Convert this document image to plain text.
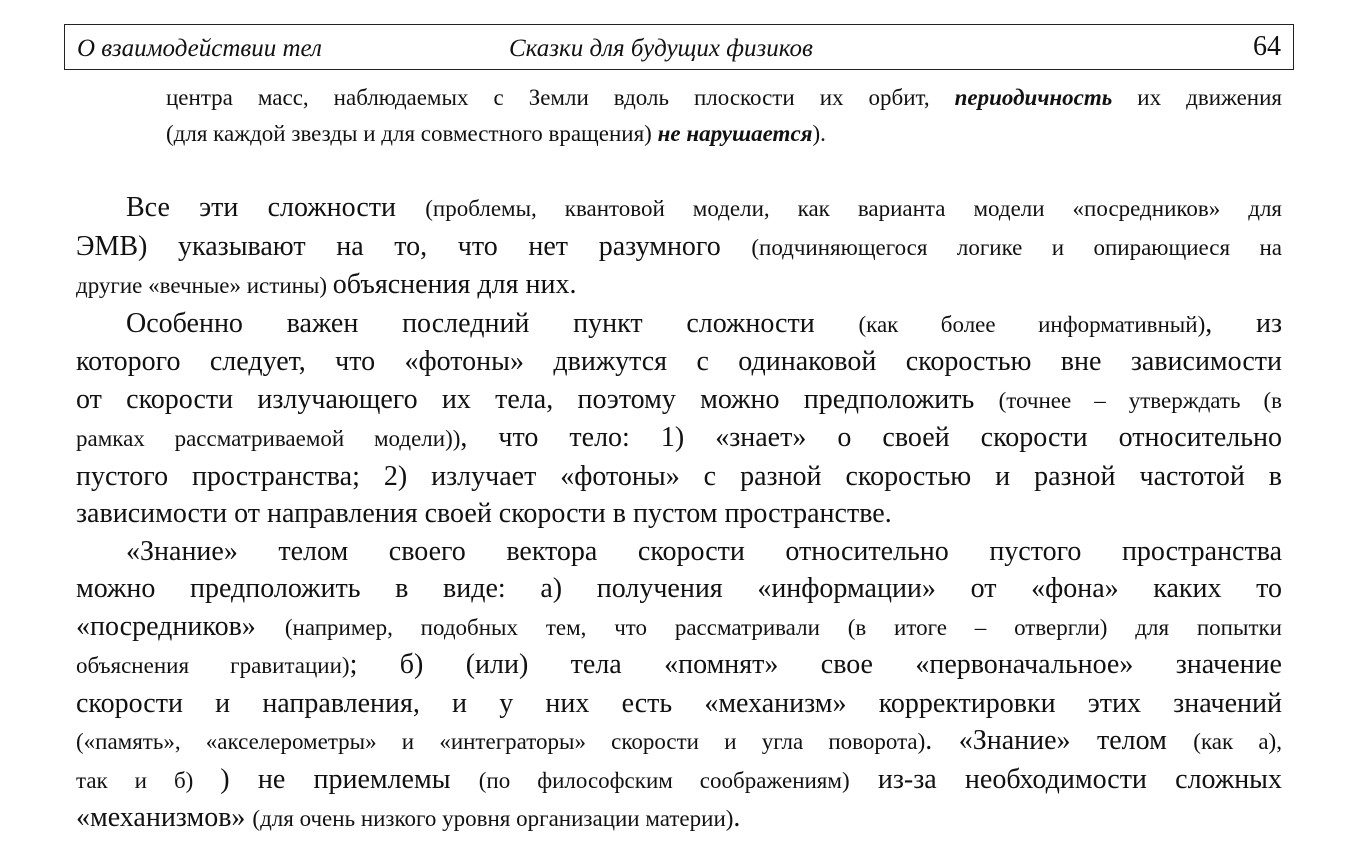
О взаимодействии тел	Сказки для будущих физиков	64
центра масс, наблюдаемых с Земли вдоль плоскости их орбит, периодичность их движения
(для каждой звезды и для совместного вращения) не нарушается).
Все эти сложности (проблемы, квантовой модели, как варианта модели «посредников» для
ЭМВ) указывают на то, что нет разумного (подчиняющегося логике и опирающиеся на
другие «вечные» истины) объяснения для них.
Особенно важен последний пункт сложности (как более информативный), из
которого следует, что «фотоны» движутся с одинаковой скоростью вне зависимости
от скорости излучающего их тела, поэтому можно предположить (точнее – утверждать (в
рамках рассматриваемой модели)), что тело: 1) «знает» о своей скорости относительно
пустого пространства; 2) излучает «фотоны» с разной скоростью и разной частотой в
зависимости от направления своей скорости в пустом пространстве.
«Знание» телом своего вектора скорости относительно пустого пространства
можно предположить в виде: а) получения «информации» от «фона» каких то
«посредников» (например, подобных тем, что рассматривали (в итоге – отвергли) для попытки
объяснения гравитации); б) (или) тела «помнят» свое «первоначальное» значение
скорости и направления, и у них есть «механизм» корректировки этих значений
(«память», «акселерометры» и «интеграторы» скорости и угла поворота). «Знание» телом (как а),
так и б) ) не приемлемы (по философским соображениям) из-за необходимости сложных
«механизмов» (для очень низкого уровня организации материи).
